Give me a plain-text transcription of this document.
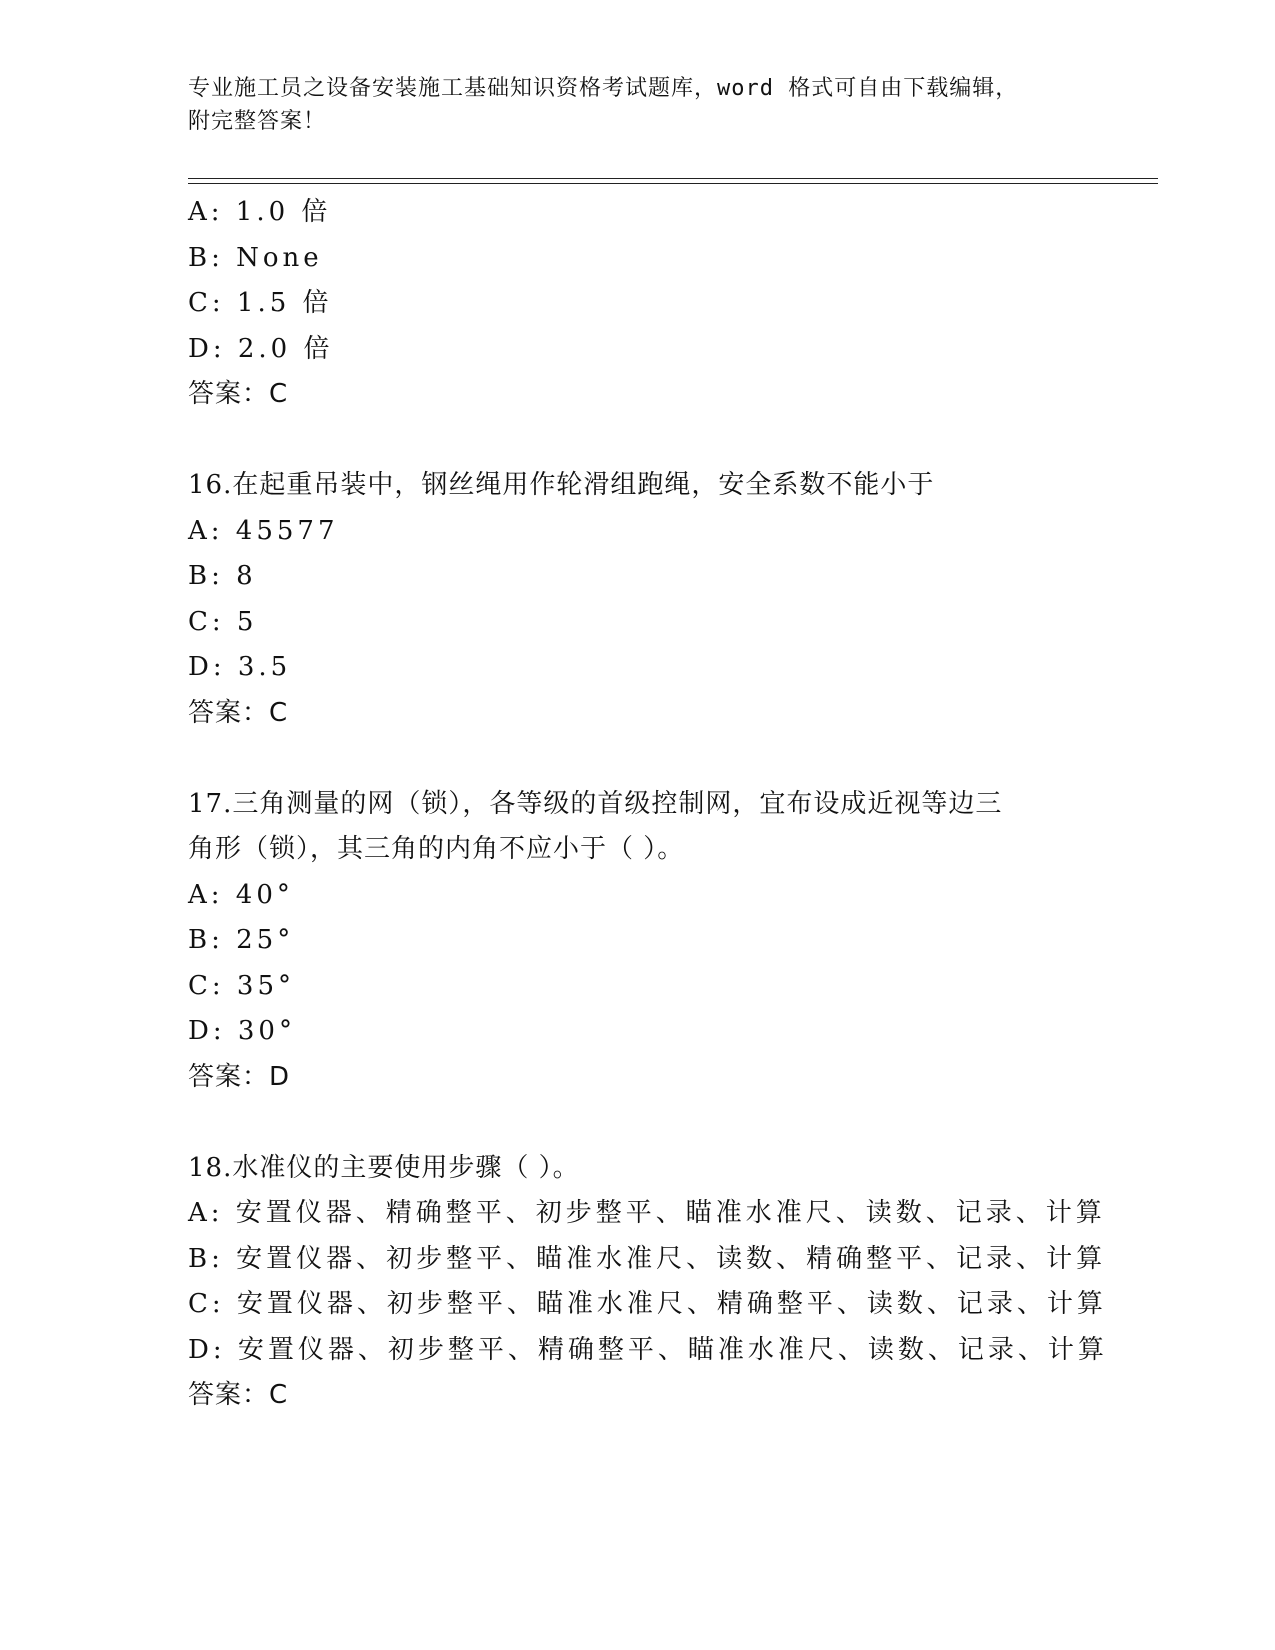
专业施工员之设备安装施工基础知识资格考试题库，word 格式可自由下载编辑，
附完整答案！
A: 1.0 倍
B: None
C: 1.5 倍
D: 2.0 倍
答案：C
16.在起重吊装中，钢丝绳用作轮滑组跑绳，安全系数不能小于
A: 45577
B: 8
C: 5
D: 3.5
答案：C
17.三角测量的网（锁），各等级的首级控制网，宜布设成近视等边三
角形（锁），其三角的内角不应小于（ ）。
A: 40°
B: 25°
C: 35°
D: 30°
答案：D
18.水准仪的主要使用步骤（ ）。
A: 安置仪器、精确整平、初步整平、瞄准水准尺、读数、记录、计算
B: 安置仪器、初步整平、瞄准水准尺、读数、精确整平、记录、计算
C: 安置仪器、初步整平、瞄准水准尺、精确整平、读数、记录、计算
D: 安置仪器、初步整平、精确整平、瞄准水准尺、读数、记录、计算
答案：C
